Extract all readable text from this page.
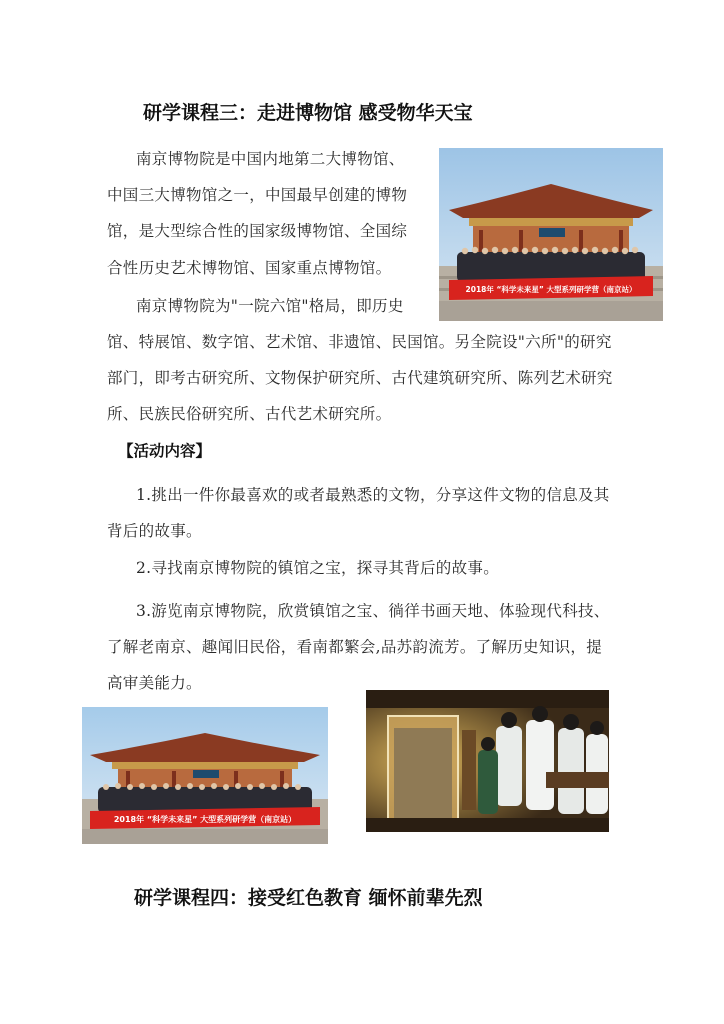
研学课程三：走进博物馆 感受物华天宝
南京博物院是中国内地第二大博物馆、
中国三大博物馆之一，中国最早创建的博物
馆，是大型综合性的国家级博物馆、全国综
合性历史艺术博物馆、国家重点博物馆。
2018年 “科学未来星” 大型系列研学营（南京站）
南京博物院为"一院六馆"格局，即历史
馆、特展馆、数字馆、艺术馆、非遗馆、民国馆。另全院设"六所"的研究
部门，即考古研究所、文物保护研究所、古代建筑研究所、陈列艺术研究
所、民族民俗研究所、古代艺术研究所。
【活动内容】
1.挑出一件你最喜欢的或者最熟悉的文物，分享这件文物的信息及其
背后的故事。
2.寻找南京博物院的镇馆之宝，探寻其背后的故事。
3.游览南京博物院，欣赏镇馆之宝、徜徉书画天地、体验现代科技、
了解老南京、趣闻旧民俗，看南都繁会,品苏韵流芳。了解历史知识，提
高审美能力。
2018年 “科学未来星” 大型系列研学营（南京站）
研学课程四：接受红色教育 缅怀前辈先烈
